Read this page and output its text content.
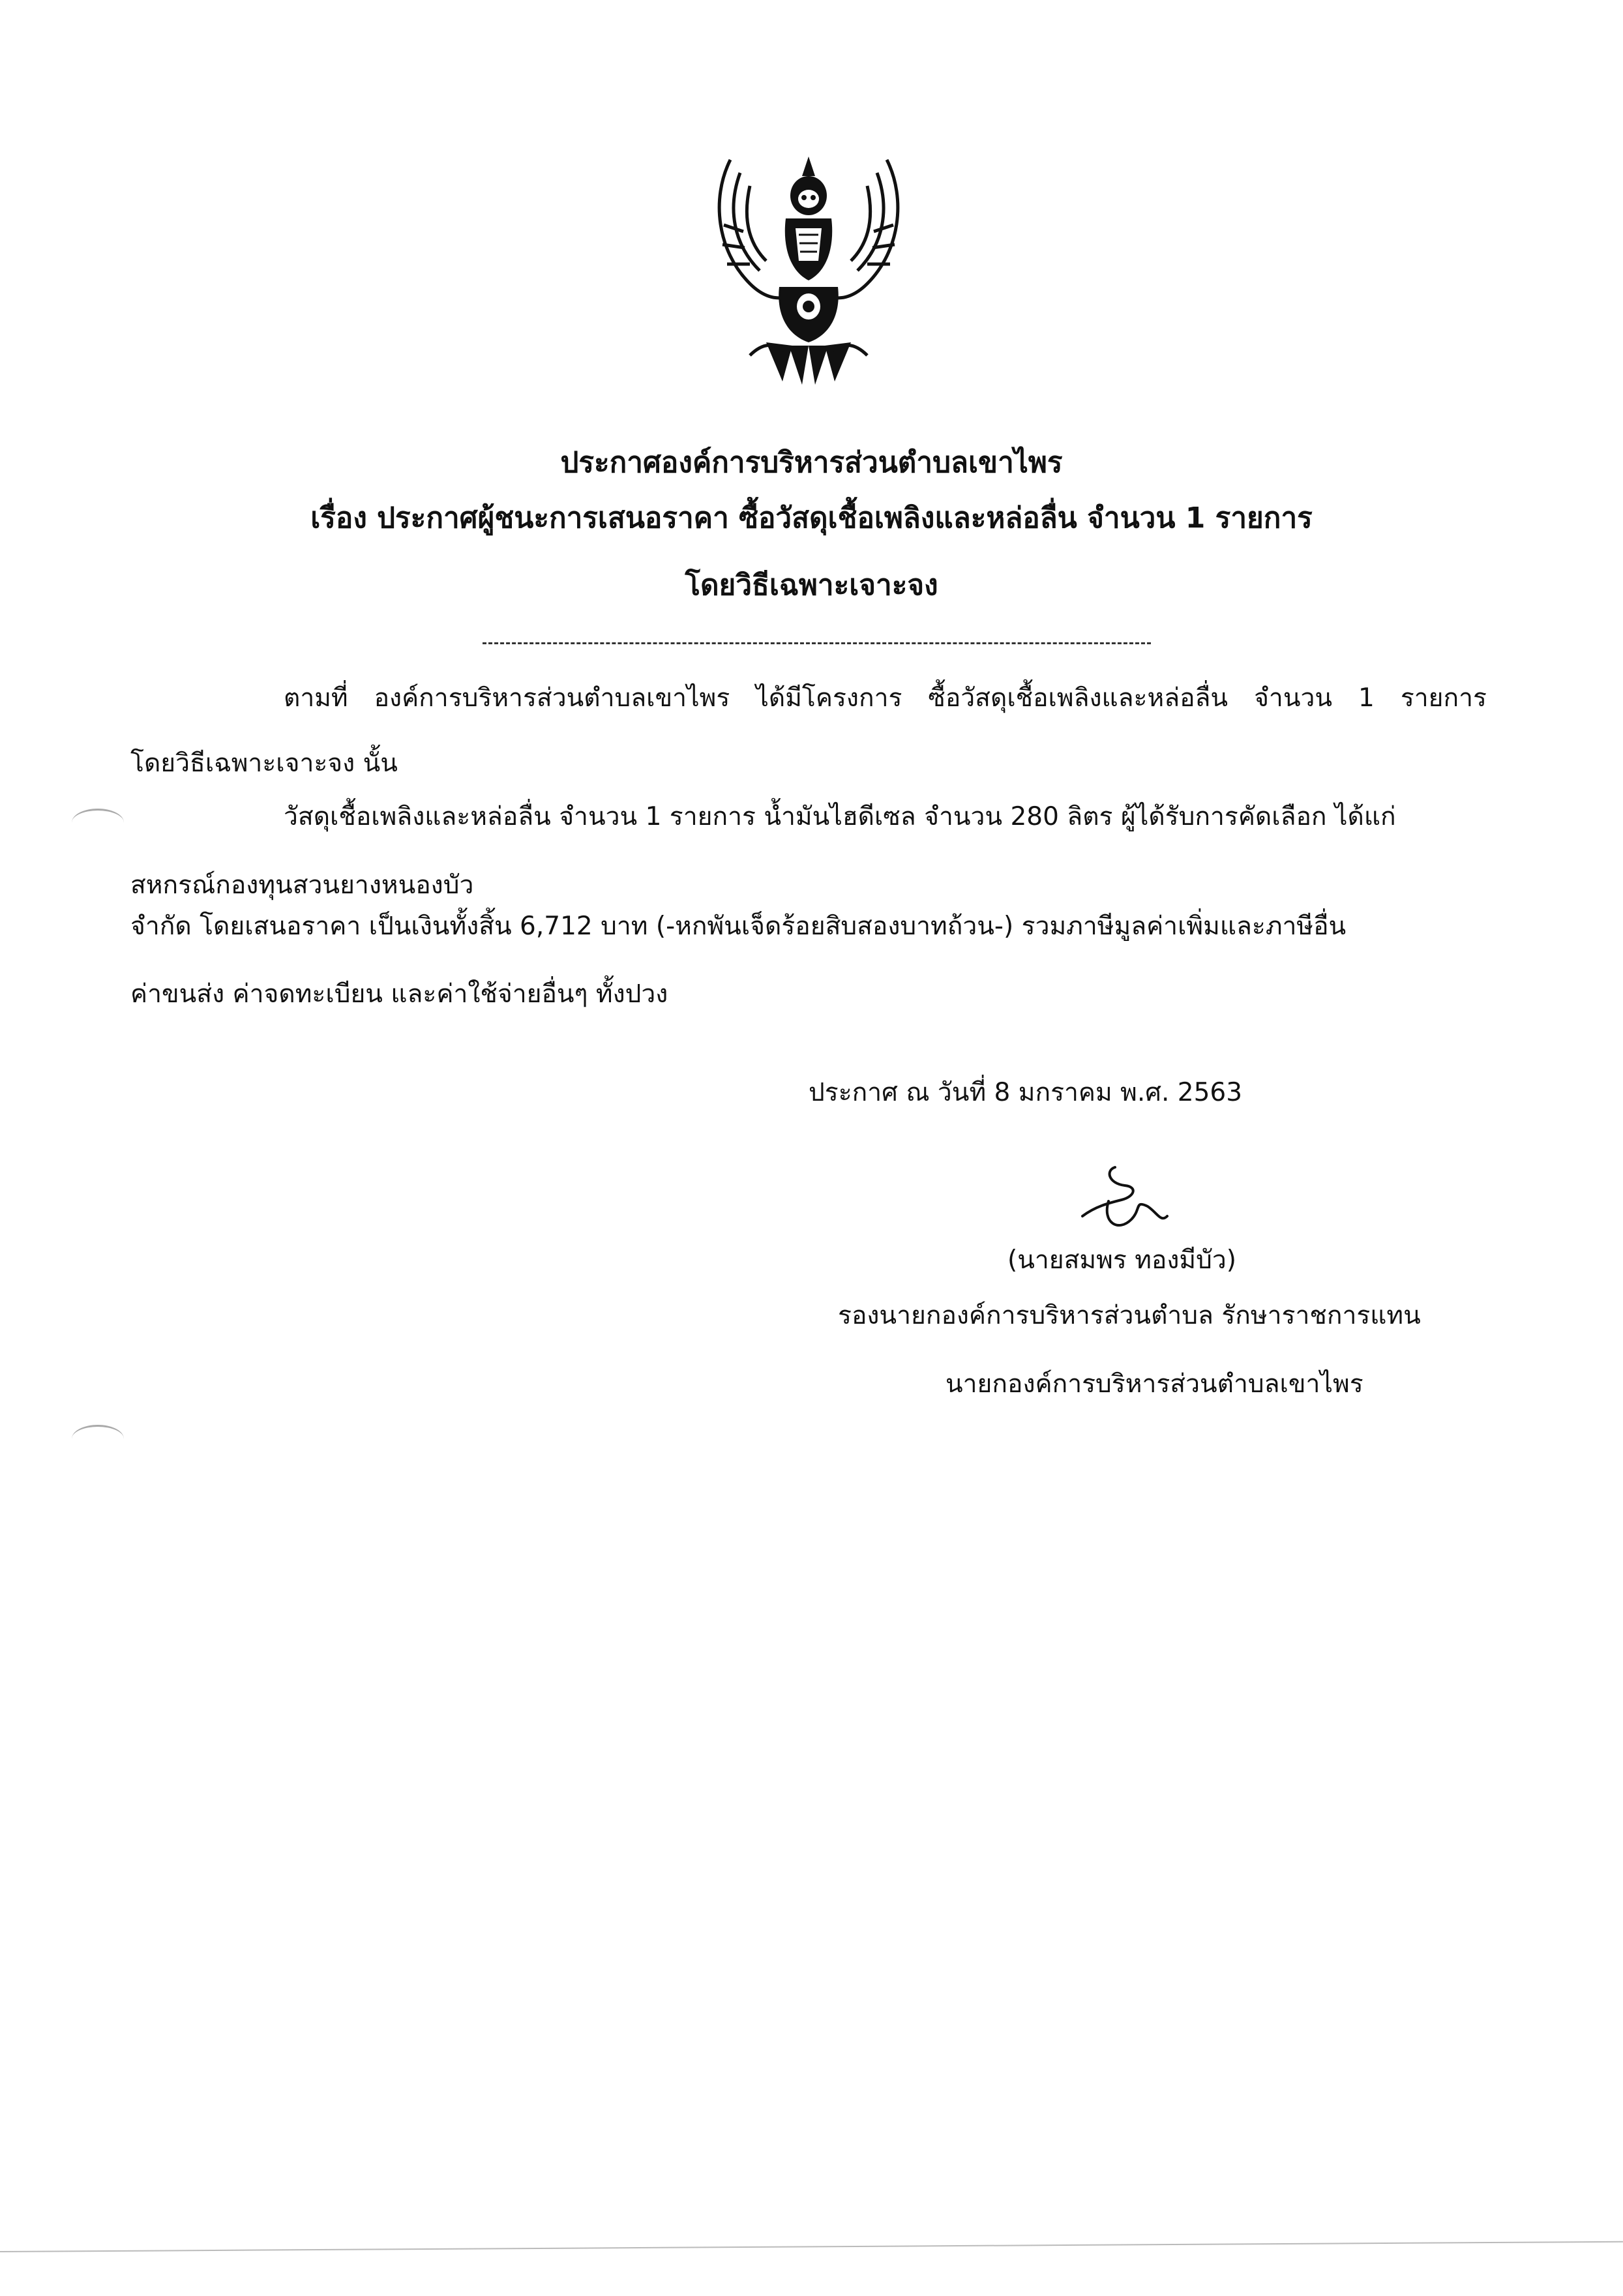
ประกาศองค์การบริหารส่วนตำบลเขาไพร
เรื่อง ประกาศผู้ชนะการเสนอราคา ซื้อวัสดุเชื้อเพลิงและหล่อลื่น จำนวน 1 รายการ
โดยวิธีเฉพาะเจาะจง
ตามที่ องค์การบริหารส่วนตำบลเขาไพร ได้มีโครงการ ซื้อวัสดุเชื้อเพลิงและหล่อลื่น จำนวน 1 รายการ
โดยวิธีเฉพาะเจาะจง นั้น
วัสดุเชื้อเพลิงและหล่อลื่น จำนวน 1 รายการ น้ำมันไฮดีเซล จำนวน 280 ลิตร ผู้ได้รับการคัดเลือก ได้แก่
สหกรณ์กองทุนสวนยางหนองบัว
จำกัด โดยเสนอราคา เป็นเงินทั้งสิ้น 6,712 บาท (-หกพันเจ็ดร้อยสิบสองบาทถ้วน-) รวมภาษีมูลค่าเพิ่มและภาษีอื่น
ค่าขนส่ง ค่าจดทะเบียน และค่าใช้จ่ายอื่นๆ ทั้งปวง
ประกาศ ณ วันที่ 8 มกราคม พ.ศ. 2563
(นายสมพร ทองมีบัว)
รองนายกองค์การบริหารส่วนตำบล รักษาราชการแทน
นายกองค์การบริหารส่วนตำบลเขาไพร
